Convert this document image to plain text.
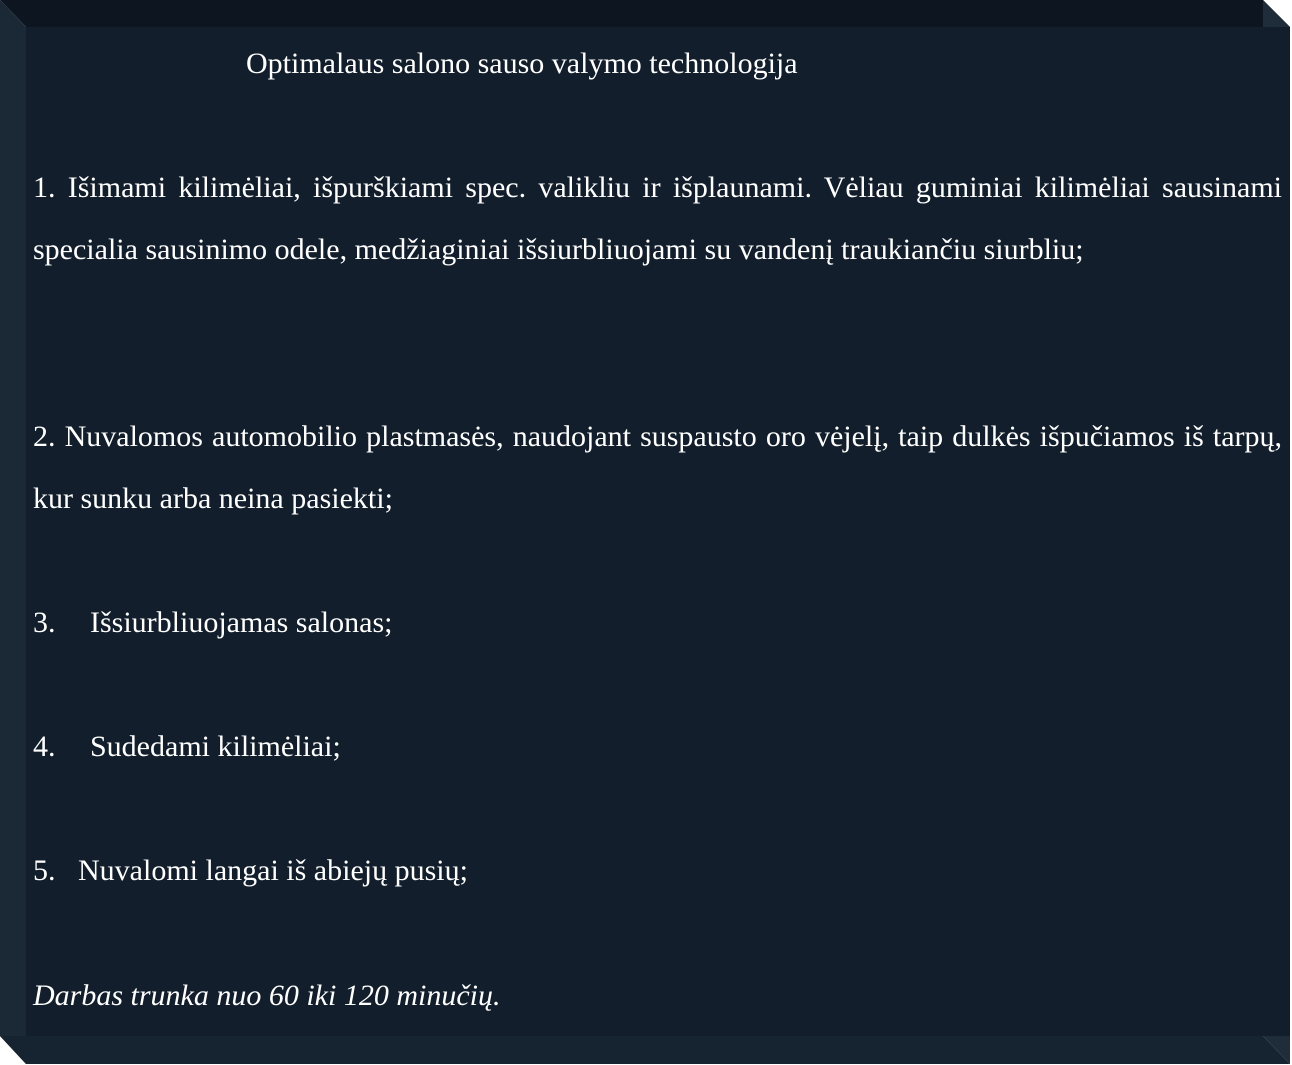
Optimalaus salono sauso valymo technologija
1. Išimami kilimėliai, išpurškiami spec. valikliu ir išplaunami. Vėliau guminiai kilimėliai sausinami specialia sausinimo odele, medžiaginiai išsiurbliuojami su vandenį traukiančiu siurbliu;
2. Nuvalomos automobilio plastmasės, naudojant suspausto oro vėjelį, taip dulkės išpučiamos iš tarpų, kur sunku arba neina pasiekti;
3. Išsiurbliuojamas salonas;
4. Sudedami kilimėliai;
5. Nuvalomi langai iš abiejų pusių;
Darbas trunka nuo 60 iki 120 minučių.
